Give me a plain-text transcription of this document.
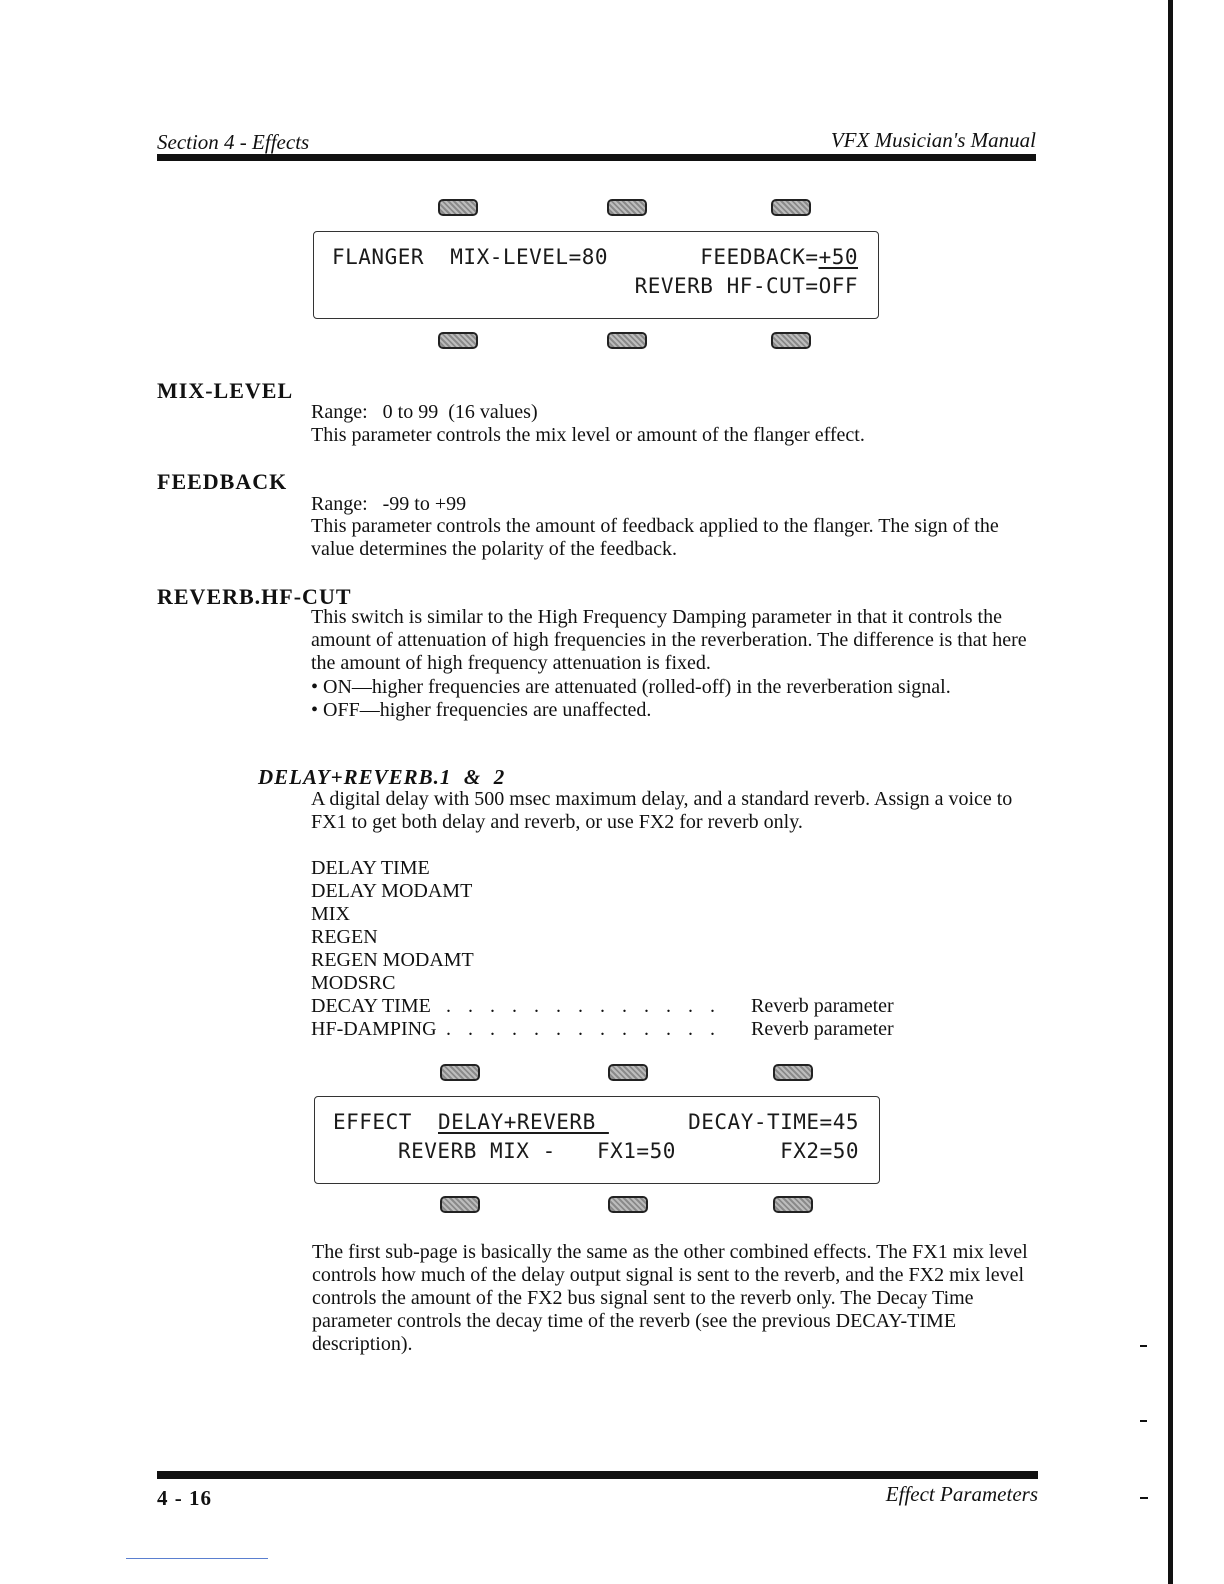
Section 4 - Effects	VFX Musician's Manual
FLANGER  MIX-LEVEL=80	FEEDBACK=+50
REVERB HF-CUT=OFF
MIX-LEVEL
Range:   0 to 99  (16 values)
This parameter controls the mix level or amount of the flanger effect.
FEEDBACK
Range:   -99 to +99
This parameter controls the amount of feedback applied to the flanger. The sign of the value determines the polarity of the feedback.
REVERB.HF-CUT
This switch is similar to the High Frequency Damping parameter in that it controls the amount of attenuation of high frequencies in the reverberation. The difference is that here the amount of high frequency attenuation is fixed.
• ON—higher frequencies are attenuated (rolled-off) in the reverberation signal.
• OFF—higher frequencies are unaffected.
DELAY+REVERB.1  &  2
A digital delay with 500 msec maximum delay, and a standard reverb. Assign a voice to FX1 to get both delay and reverb, or use FX2 for reverb only.
DELAY TIME
DELAY MODAMT
MIX
REGEN
REGEN MODAMT
MODSRC
DECAY TIME . . . . . . . . . . . . . Reverb parameter
HF-DAMPING . . . . . . . . . . . . . Reverb parameter
EFFECT DELAY+REVERB	DECAY-TIME=45
REVERB MIX - FX1=50	FX2=50
The first sub-page is basically the same as the other combined effects. The FX1 mix level controls how much of the delay output signal is sent to the reverb, and the FX2 mix level controls the amount of the FX2 bus signal sent to the reverb only. The Decay Time parameter controls the decay time of the reverb (see the previous DECAY-TIME description).
4 - 16	Effect Parameters
